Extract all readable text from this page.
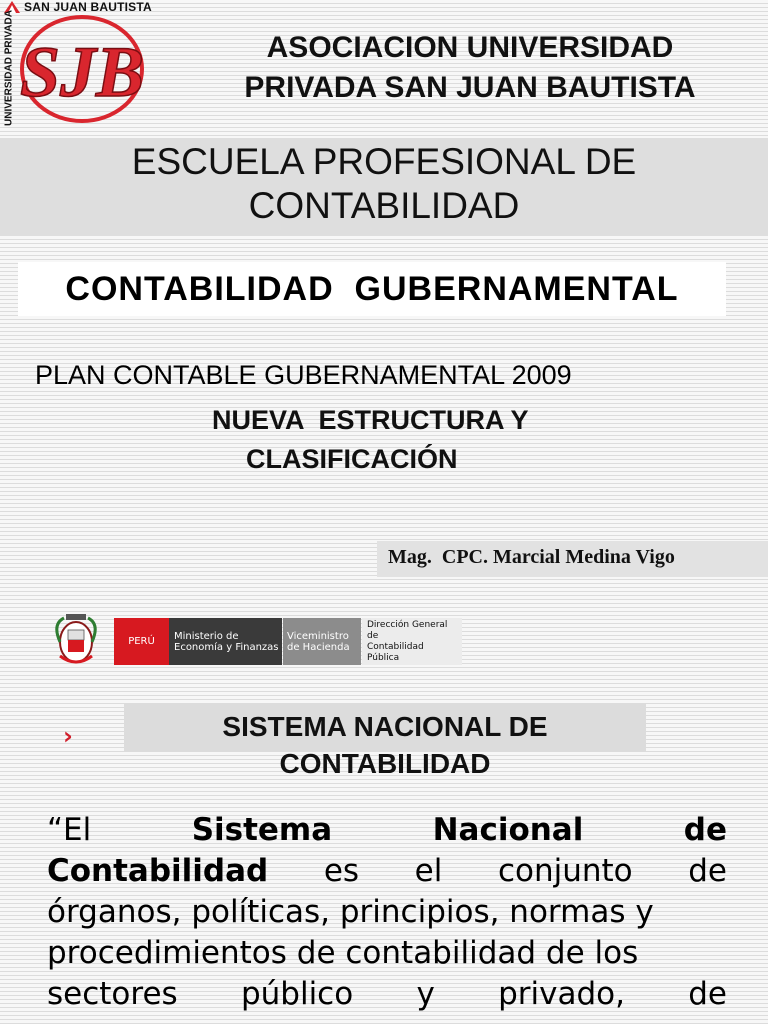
SAN JUAN BAUTISTA
UNIVERSIDAD PRIVADA SJB	ASOCIACION UNIVERSIDAD
PRIVADA SAN JUAN BAUTISTA
ESCUELA PROFESIONAL DE
CONTABILIDAD
CONTABILIDAD  GUBERNAMENTAL
PLAN CONTABLE GUBERNAMENTAL 2009
NUEVA  ESTRUCTURA Y
CLASIFICACIÓN
Mag.  CPC. Marcial Medina Vigo
PERÚ	Ministerio de
Economía y Finanzas
Viceministro
de Hacienda
Dirección General
de
Contabilidad
Pública
›	SISTEMA NACIONAL DE
CONTABILIDAD
“El	Sistema	Nacional	de
Contabilidad es el conjunto de
órganos, políticas, principios, normas y
procedimientos de contabilidad de los
sectores público y privado, de
